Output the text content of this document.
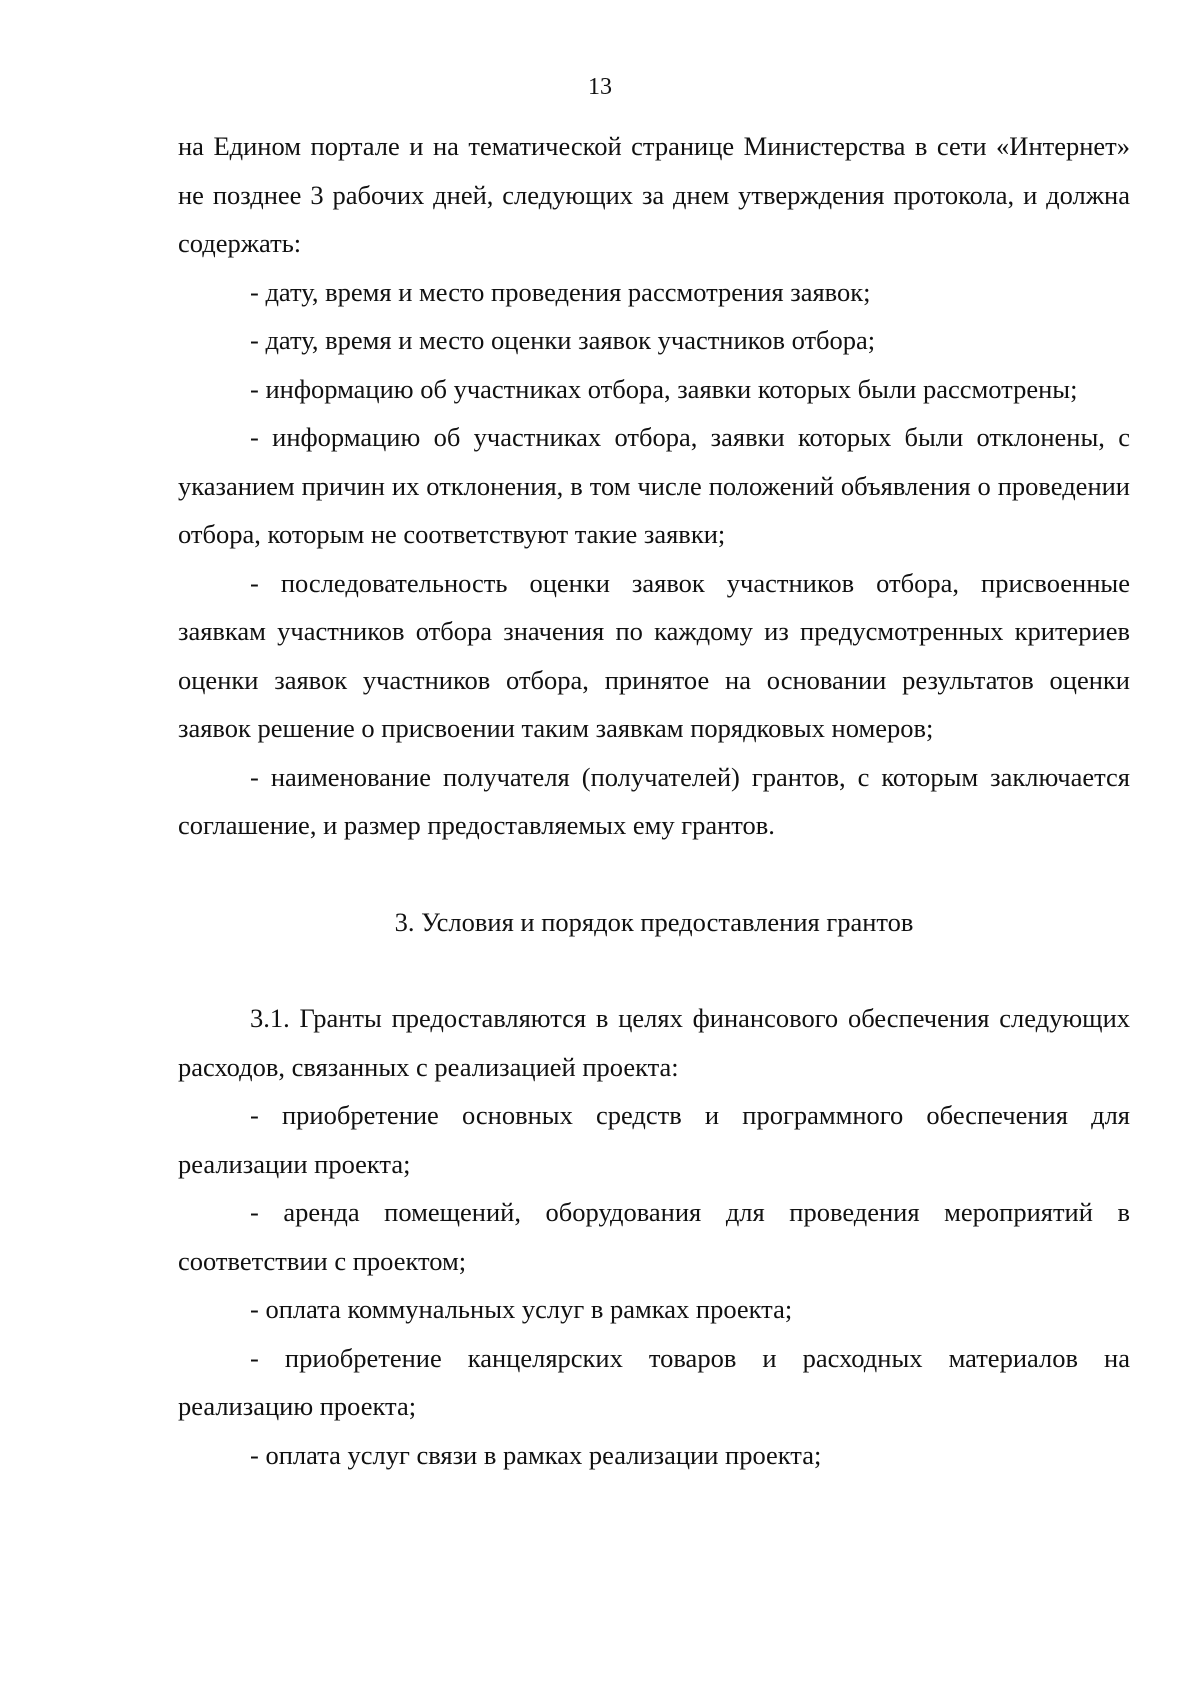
13

на Едином портале и на тематической странице Министерства в сети «Интернет» не позднее 3 рабочих дней, следующих за днем утверждения протокола, и должна содержать:

- дату, время и место проведения рассмотрения заявок;

- дату, время и место оценки заявок участников отбора;

- информацию об участниках отбора, заявки которых были рассмотрены;

- информацию об участниках отбора, заявки которых были отклонены, с указанием причин их отклонения, в том числе положений объявления о проведении отбора, которым не соответствуют такие заявки;

- последовательность оценки заявок участников отбора, присвоенные заявкам участников отбора значения по каждому из предусмотренных критериев оценки заявок участников отбора, принятое на основании результатов оценки заявок решение о присвоении таким заявкам порядковых номеров;

- наименование получателя (получателей) грантов, с которым заключается соглашение, и размер предоставляемых ему грантов.

3. Условия и порядок предоставления грантов

3.1. Гранты предоставляются в целях финансового обеспечения следующих расходов, связанных с реализацией проекта:

- приобретение основных средств и программного обеспечения для реализации проекта;

- аренда помещений, оборудования для проведения мероприятий в соответствии с проектом;

- оплата коммунальных услуг в рамках проекта;

- приобретение канцелярских товаров и расходных материалов на реализацию проекта;

- оплата услуг связи в рамках реализации проекта;
